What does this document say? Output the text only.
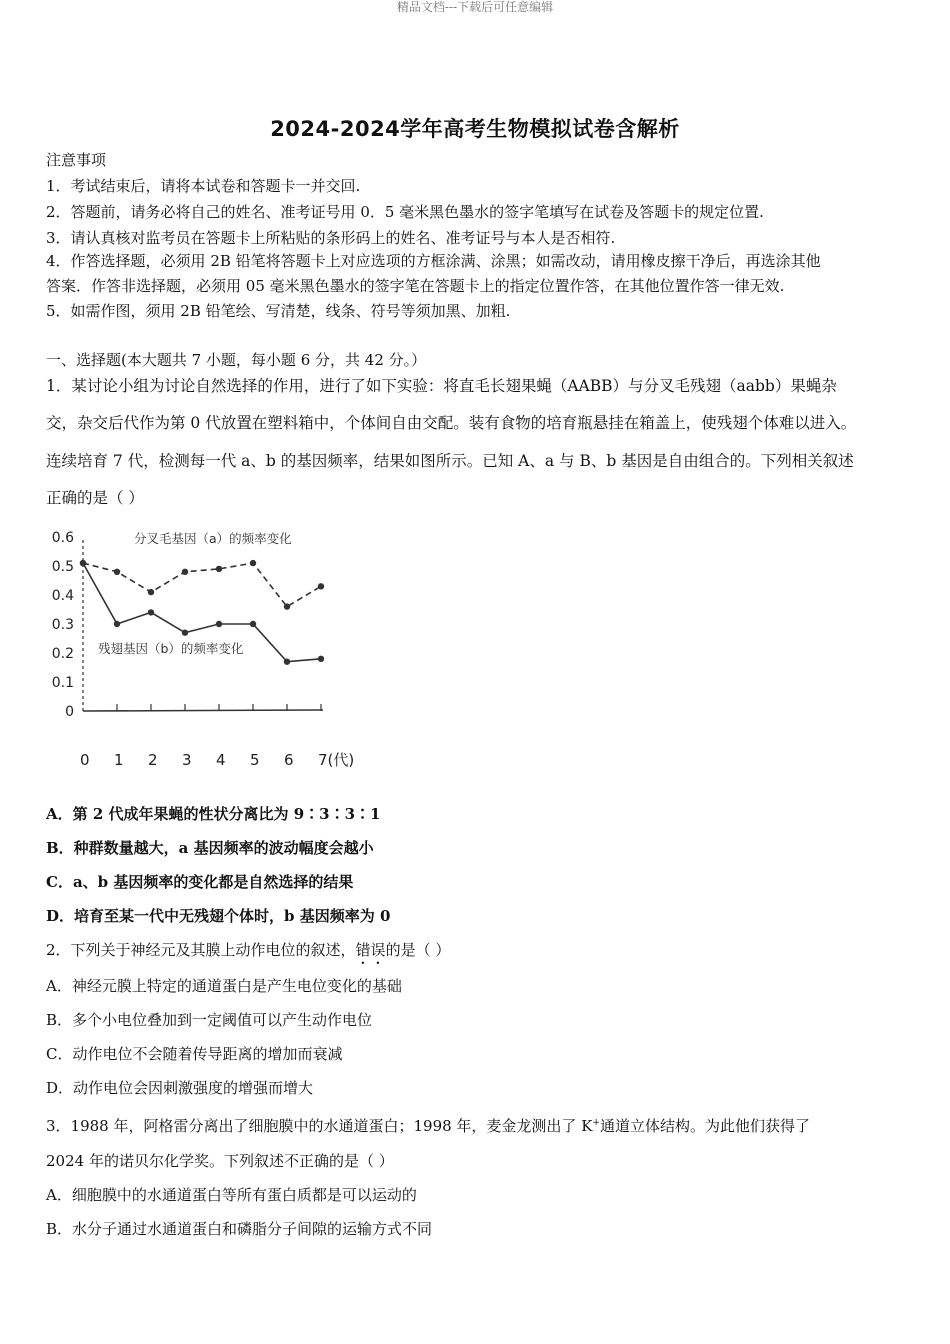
精品文档---下载后可任意编辑
2024-2024学年高考生物模拟试卷含解析
注意事项
1．考试结束后，请将本试卷和答题卡一并交回.
2．答题前，请务必将自己的姓名、准考证号用 0．5 毫米黑色墨水的签字笔填写在试卷及答题卡的规定位置.
3．请认真核对监考员在答题卡上所粘贴的条形码上的姓名、准考证号与本人是否相符.
4．作答选择题，必须用 2B 铅笔将答题卡上对应选项的方框涂满、涂黑；如需改动，请用橡皮擦干净后，再选涂其他
答案．作答非选择题，必须用 05 毫米黑色墨水的签字笔在答题卡上的指定位置作答，在其他位置作答一律无效.
5．如需作图，须用 2B 铅笔绘、写清楚，线条、符号等须加黑、加粗.
一、选择题(本大题共 7 小题，每小题 6 分，共 42 分。）
1．某讨论小组为讨论自然选择的作用，进行了如下实验：将直毛长翅果蝇（AABB）与分叉毛残翅（aabb）果蝇杂
交，杂交后代作为第 0 代放置在塑料箱中，个体间自由交配。装有食物的培育瓶悬挂在箱盖上，使残翅个体难以进入。
连续培育 7 代，检测每一代 a、b 的基因频率，结果如图所示。已知 A、a 与 B、b 基因是自由组合的。下列相关叙述
正确的是（ ）
0 1 2 3 4 5 6 7(代)
0
0.1
0.2
0.3
0.4
0.5
0.6	分叉毛基因（a）的频率变化
残翅基因（b）的频率变化
A．第 2 代成年果蝇的性状分离比为 9∶3∶3∶1
B．种群数量越大，a 基因频率的波动幅度会越小
C．a、b 基因频率的变化都是自然选择的结果
D．培育至某一代中无残翅个体时，b 基因频率为 0
2．下列关于神经元及其膜上动作电位的叙述，错误的是（ ）
A．神经元膜上特定的通道蛋白是产生电位变化的基础
B．多个小电位叠加到一定阈值可以产生动作电位
C．动作电位不会随着传导距离的增加而衰减
D．动作电位会因刺激强度的增强而增大
3．1988 年，阿格雷分离出了细胞膜中的水通道蛋白；1998 年，麦金龙测出了 K+通道立体结构。为此他们获得了
2024 年的诺贝尔化学奖。下列叙述不正确的是（ ）
A．细胞膜中的水通道蛋白等所有蛋白质都是可以运动的
B．水分子通过水通道蛋白和磷脂分子间隙的运输方式不同
